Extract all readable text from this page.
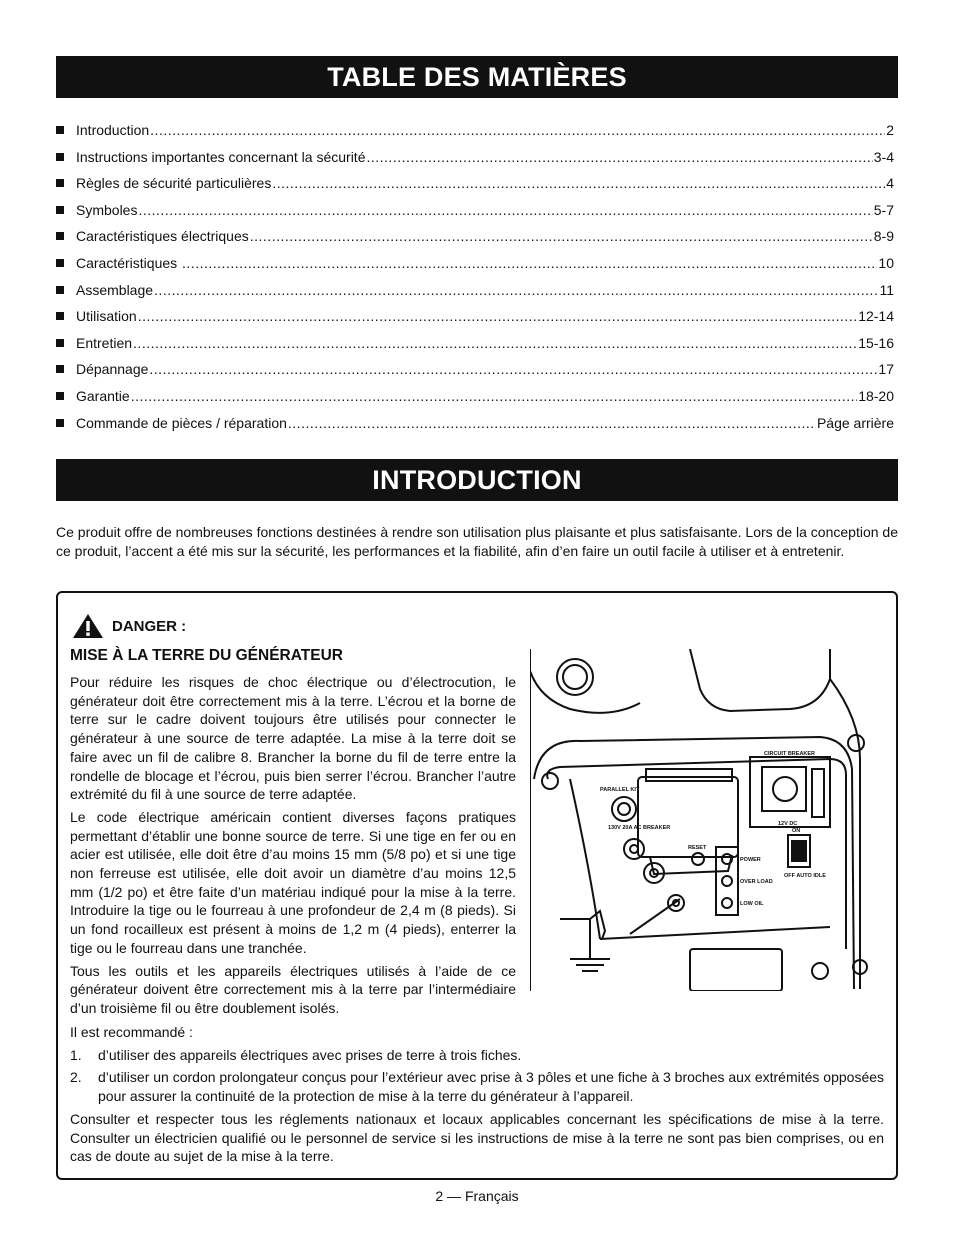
TABLE DES MATIÈRES
Introduction .....	2
Instructions importantes concernant la sécurité .....	3-4
Règles de sécurité particulières .....	4
Symboles .....	5-7
Caractéristiques électriques .....	8-9
Caractéristiques .....	10
Assemblage .....	11
Utilisation .....	12-14
Entretien .....	15-16
Dépannage .....	17
Garantie .....	18-20
Commande de pièces / réparation .....	Páge arrière
INTRODUCTION

Ce produit offre de nombreuses fonctions destinées à rendre son utilisation plus plaisante et plus satisfaisante. Lors de la conception de ce produit, l’accent a été mis sur la sécurité, les performances et la fiabilité, afin d’en faire un outil facile à utiliser et à entretenir.

DANGER :
MISE À LA TERRE DU GÉNÉRATEUR

Pour réduire les risques de choc électrique ou d’électrocution, le générateur doit être correctement mis à la terre. L’écrou et la borne de terre sur le cadre doivent toujours être utilisés pour connecter le générateur à une source de terre adaptée. La mise à la terre doit se faire avec un fil de calibre 8. Brancher la borne du fil de terre entre la rondelle de blocage et l’écrou, puis bien serrer l’écrou. Brancher l’autre extrémité du fil à une source de terre adaptée.

Le code électrique américain contient diverses façons pratiques permettant d’établir une bonne source de terre. Si une tige en fer ou en acier est utilisée, elle doit être d’au moins 15 mm (5/8 po) et si une tige non ferreuse est utilisée, elle doit avoir un diamètre d’au moins 12,5 mm (1/2 po) et être faite d’un matériau indiqué pour la mise à la terre. Introduire la tige ou le fourreau à une profondeur de 2,4 m (8 pieds). Si un fond rocailleux est présent à moins de 1,2 m (4 pieds), enterrer la tige ou le fourreau dans une tranchée.

Tous les outils et les appareils électriques utilisés à l’aide de ce générateur doivent être correctement mis à la terre par l’intermédiaire d’un troisième fil ou être doublement isolés.

CIRCUIT BREAKER
PARALLEL KIT
130V 20A AC BREAKER
12V DC
RESET
POWER
OVER LOAD
LOW OIL
ON
OFF AUTO IDLE

Il est recommandé :

1.	d’utiliser des appareils électriques avec prises de terre à trois fiches.
2.	d’utiliser un cordon prolongateur conçus pour l’extérieur avec prise à 3 pôles et une fiche à 3 broches aux extrémités opposées pour assurer la continuité de la protection de mise à la terre du générateur à l’appareil.

Consulter et respecter tous les réglements nationaux et locaux applicables concernant les spécifications de mise à la terre. Consulter un électricien qualifié ou le personnel de service si les instructions de mise à la terre ne sont pas bien comprises, ou en cas de doute au sujet de la mise à la terre.

2 — Français
